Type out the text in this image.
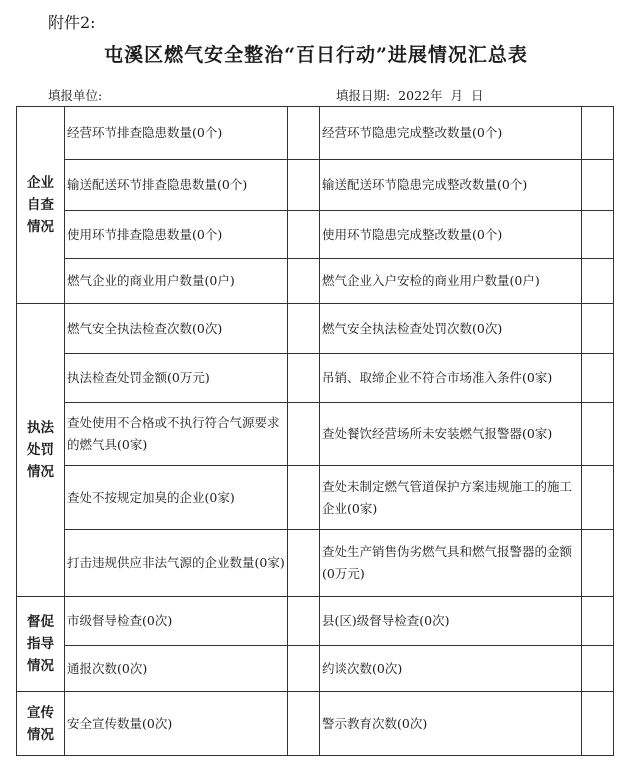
附件2:
屯溪区燃气安全整治“百日行动”进展情况汇总表
填报单位:	填报日期: 2022年 月 日
企业
自查
情况	经营环节排查隐患数量(0个)		经营环节隐患完成整改数量(0个)	
	输送配送环节排查隐患数量(0个)		输送配送环节隐患完成整改数量(0个)	
	使用环节排查隐患数量(0个)		使用环节隐患完成整改数量(0个)	
	燃气企业的商业用户数量(0户)		燃气企业入户安检的商业用户数量(0户)	

执法
处罚
情况	燃气安全执法检查次数(0次)		燃气安全执法检查处罚次数(0次)	
	执法检查处罚金额(0万元)		吊销、取缔企业不符合市场准入条件(0家)	
	查处使用不合格或不执行符合气源要求的燃气具(0家)		查处餐饮经营场所未安装燃气报警器(0家)	
	查处不按规定加臭的企业(0家)		查处未制定燃气管道保护方案违规施工的施工企业(0家)	
	打击违规供应非法气源的企业数量(0家)		查处生产销售伪劣燃气具和燃气报警器的金额(0万元)	

督促
指导
情况	市级督导检查(0次)		县(区)级督导检查(0次)	
	通报次数(0次)		约谈次数(0次)	

宣传
情况	安全宣传数量(0次)		警示教育次数(0次)	
